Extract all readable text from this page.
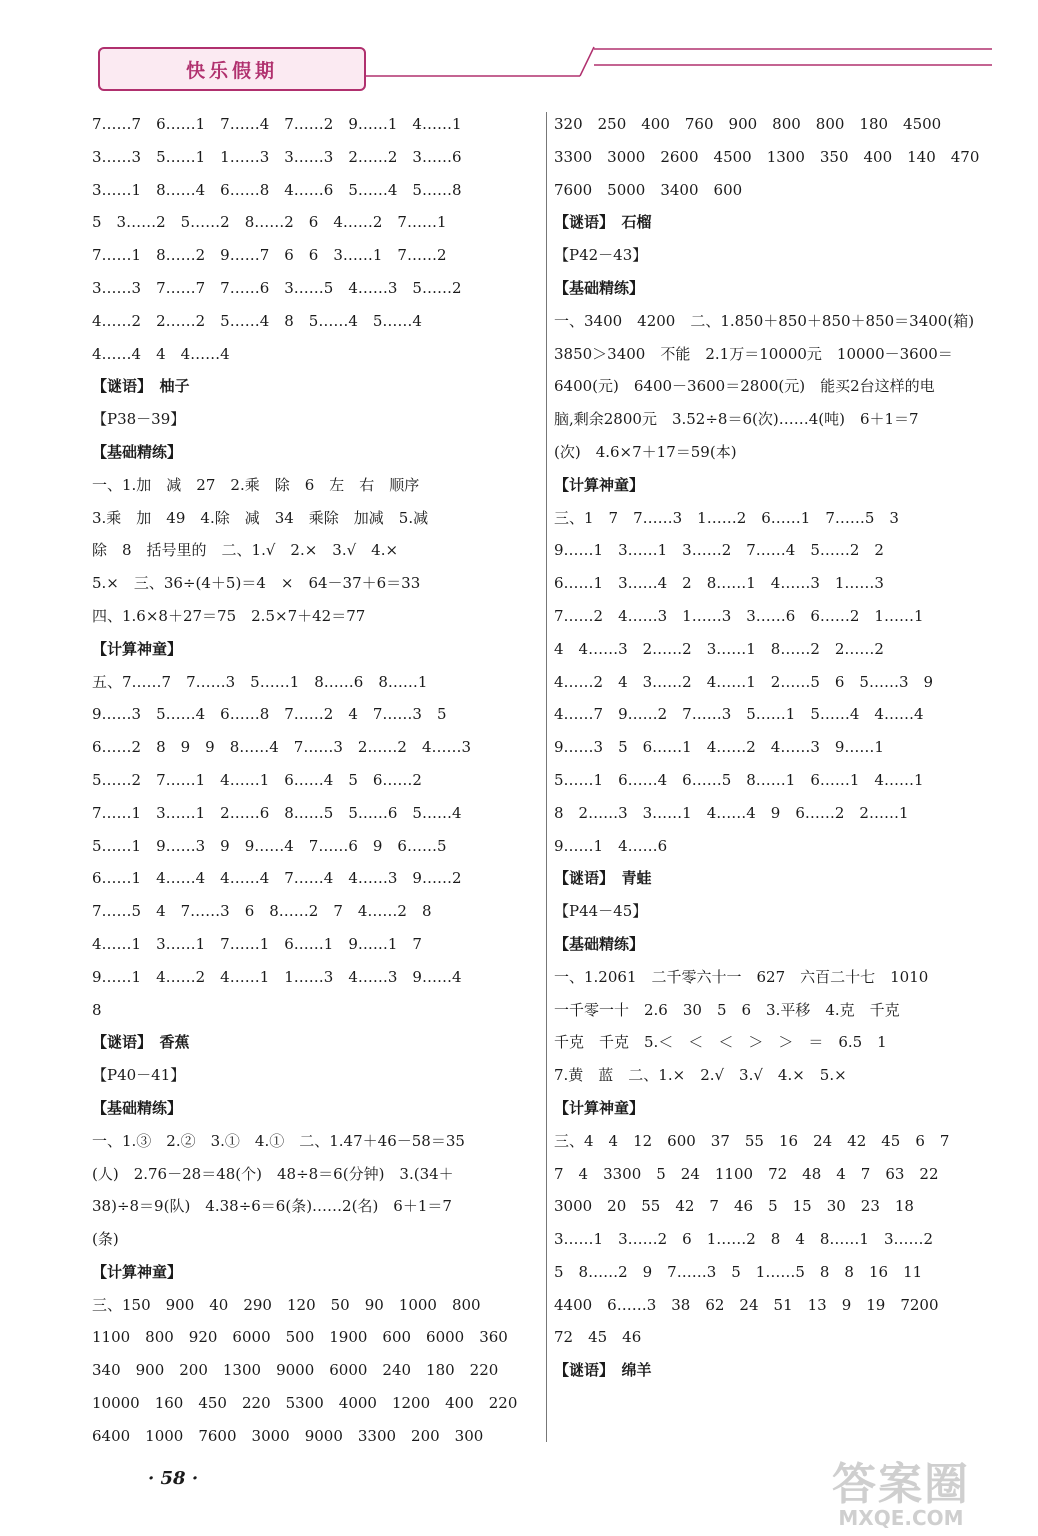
快乐假期
7……7　6……1　7……4　7……2　9……1　4……1
3……3　5……1　1……3　3……3　2……2　3……6
3……1　8……4　6……8　4……6　5……4　5……8
5　3……2　5……2　8……2　6　4……2　7……1
7……1　8……2　9……7　6　6　3……1　7……2
3……3　7……7　7……6　3……5　4……3　5……2
4……2　2……2　5……4　8　5……4　5……4
4……4　4　4……4
【谜语】　柚子
【P38－39】
【基础精练】
一、1.加　减　27　2.乘　除　6　左　右　顺序
3.乘　加　49　4.除　减　34　乘除　加减　5.减
除　8　括号里的　二、1.√　2.×　3.√　4.×
5.×　三、36÷(4＋5)＝4　×　64－37＋6＝33
四、1.6×8＋27＝75　2.5×7＋42＝77
【计算神童】
五、7……7　7……3　5……1　8……6　8……1
9……3　5……4　6……8　7……2　4　7……3　5
6……2　8　9　9　8……4　7……3　2……2　4……3
5……2　7……1　4……1　6……4　5　6……2
7……1　3……1　2……6　8……5　5……6　5……4
5……1　9……3　9　9……4　7……6　9　6……5
6……1　4……4　4……4　7……4　4……3　9……2
7……5　4　7……3　6　8……2　7　4……2　8
4……1　3……1　7……1　6……1　9……1　7
9……1　4……2　4……1　1……3　4……3　9……4
8
【谜语】　香蕉
【P40－41】
【基础精练】
一、1.③　2.②　3.①　4.①　二、1.47＋46－58＝35
(人)　2.76－28＝48(个)　48÷8＝6(分钟)　3.(34＋
38)÷8＝9(队)　4.38÷6＝6(条)……2(名)　6＋1＝7
(条)
【计算神童】
三、150　900　40　290　120　50　90　1000　800
1100　800　920　6000　500　1900　600　6000　360
340　900　200　1300　9000　6000　240　180　220
10000　160　450　220　5300　4000　1200　400　220
6400　1000　7600　3000　9000　3300　200　300
320　250　400　760　900　800　800　180　4500
3300　3000　2600　4500　1300　350　400　140　470
7600　5000　3400　600
【谜语】　石榴
【P42－43】
【基础精练】
一、3400　4200　二、1.850＋850＋850＋850＝3400(箱)
3850＞3400　不能　2.1万＝10000元　10000－3600＝
6400(元)　6400－3600＝2800(元)　能买2台这样的电
脑,剩余2800元　3.52÷8＝6(次)……4(吨)　6＋1＝7
(次)　4.6×7＋17＝59(本)
【计算神童】
三、1　7　7……3　1……2　6……1　7……5　3
9……1　3……1　3……2　7……4　5……2　2
6……1　3……4　2　8……1　4……3　1……3
7……2　4……3　1……3　3……6　6……2　1……1
4　4……3　2……2　3……1　8……2　2……2
4……2　4　3……2　4……1　2……5　6　5……3　9
4……7　9……2　7……3　5……1　5……4　4……4
9……3　5　6……1　4……2　4……3　9……1
5……1　6……4　6……5　8……1　6……1　4……1
8　2……3　3……1　4……4　9　6……2　2……1
9……1　4……6
【谜语】　青蛙
【P44－45】
【基础精练】
一、1.2061　二千零六十一　627　六百二十七　1010
一千零一十　2.6　30　5　6　3.平移　4.克　千克
千克　千克　5.＜　＜　＜　＞　＞　＝　6.5　1
7.黄　蓝　二、1.×　2.√　3.√　4.×　5.×
【计算神童】
三、4　4　12　600　37　55　16　24　42　45　6　7
7　4　3300　5　24　1100　72　48　4　7　63　22
3000　20　55　42　7　46　5　15　30　23　18
3……1　3……2　6　1……2　8　4　8……1　3……2
5　8……2　9　7……3　5　1……5　8　8　16　11
4400　6……3　38　62　24　51　13　9　19　7200
72　45　46
【谜语】　绵羊
· 58 ·	答案圈
MXQE.COM
